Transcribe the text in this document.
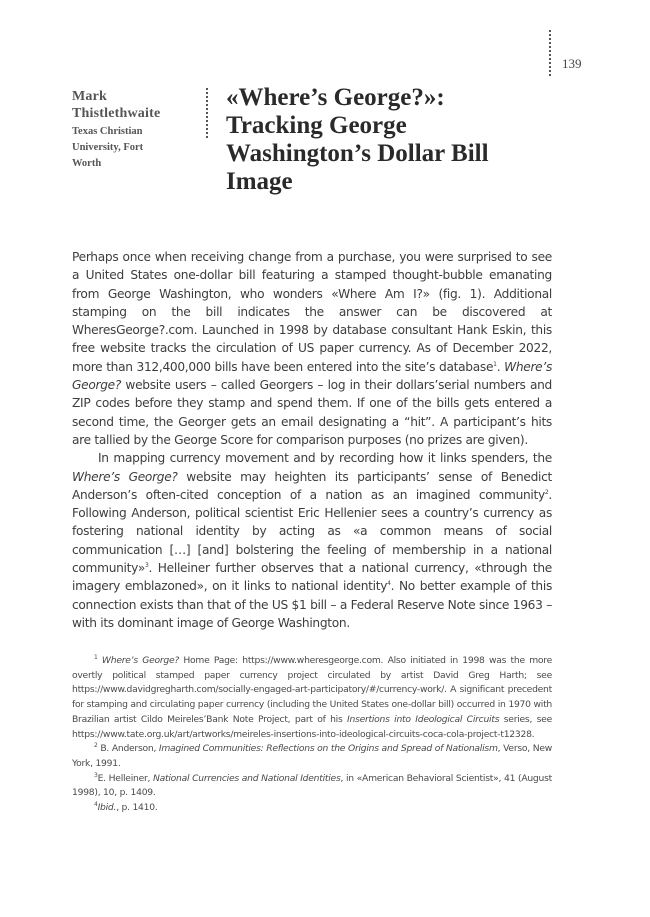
139
Mark
Thistlethwaite
Texas Christian
University, Fort
Worth
«Where’s George?»:
Tracking George
Washington’s Dollar Bill
Image

Perhaps once when receiving change from a purchase, you were surprised to see a United States one-dollar bill featuring a stamped thought-bubble emanating from George Washington, who wonders «Where Am I?» (fig. 1). Additional stamping on the bill indicates the answer can be discovered at WheresGeorge?.com. Launched in 1998 by database consultant Hank Eskin, this free website tracks the circulation of US paper currency. As of December 2022, more than 312,400,000 bills have been entered into the site’s database$^1$. Where’s George? website users – called Georgers – log in their dollars’serial numbers and ZIP codes before they stamp and spend them. If one of the bills gets entered a second time, the Georger gets an email designating a “hit”. A participant’s hits are tallied by the George Score for comparison purposes (no prizes are given).

In mapping currency movement and by recording how it links spenders, the Where’s George? website may heighten its participants’ sense of Benedict Anderson’s often-cited conception of a nation as an imagined community$^2$. Following Anderson, political scientist Eric Hellenier sees a country’s currency as fostering national identity by acting as «a common means of social communication […] [and] bolstering the feeling of membership in a national community»$^3$. Helleiner further observes that a national currency, «through the imagery emblazoned», on it links to national identity$^4$. No better example of this connection exists than that of the US $1 bill – a Federal Reserve Note since 1963 – with its dominant image of George Washington.

$^1$ Where’s George? Home Page: https://www.wheresgeorge.com. Also initiated in 1998 was the more overtly political stamped paper currency project circulated by artist David Greg Harth; see https://www.davidgregharth.com/socially-engaged-art-participatory/#/currency-work/. A significant precedent for stamping and circulating paper currency (including the United States one-dollar bill) occurred in 1970 with Brazilian artist Cildo Meireles’Bank Note Project, part of his Insertions into Ideological Circuits series, see https://www.tate.org.uk/art/artworks/meireles-insertions-into-ideological-circuits-coca-cola-project-t12328.

$^2$ B. Anderson, Imagined Communities: Reflections on the Origins and Spread of Nationalism, Verso, New York, 1991.

$^3$E. Helleiner, National Currencies and National Identities, in «American Behavioral Scientist», 41 (August 1998), 10, p. 1409.

$^4$Ibid., p. 1410.
